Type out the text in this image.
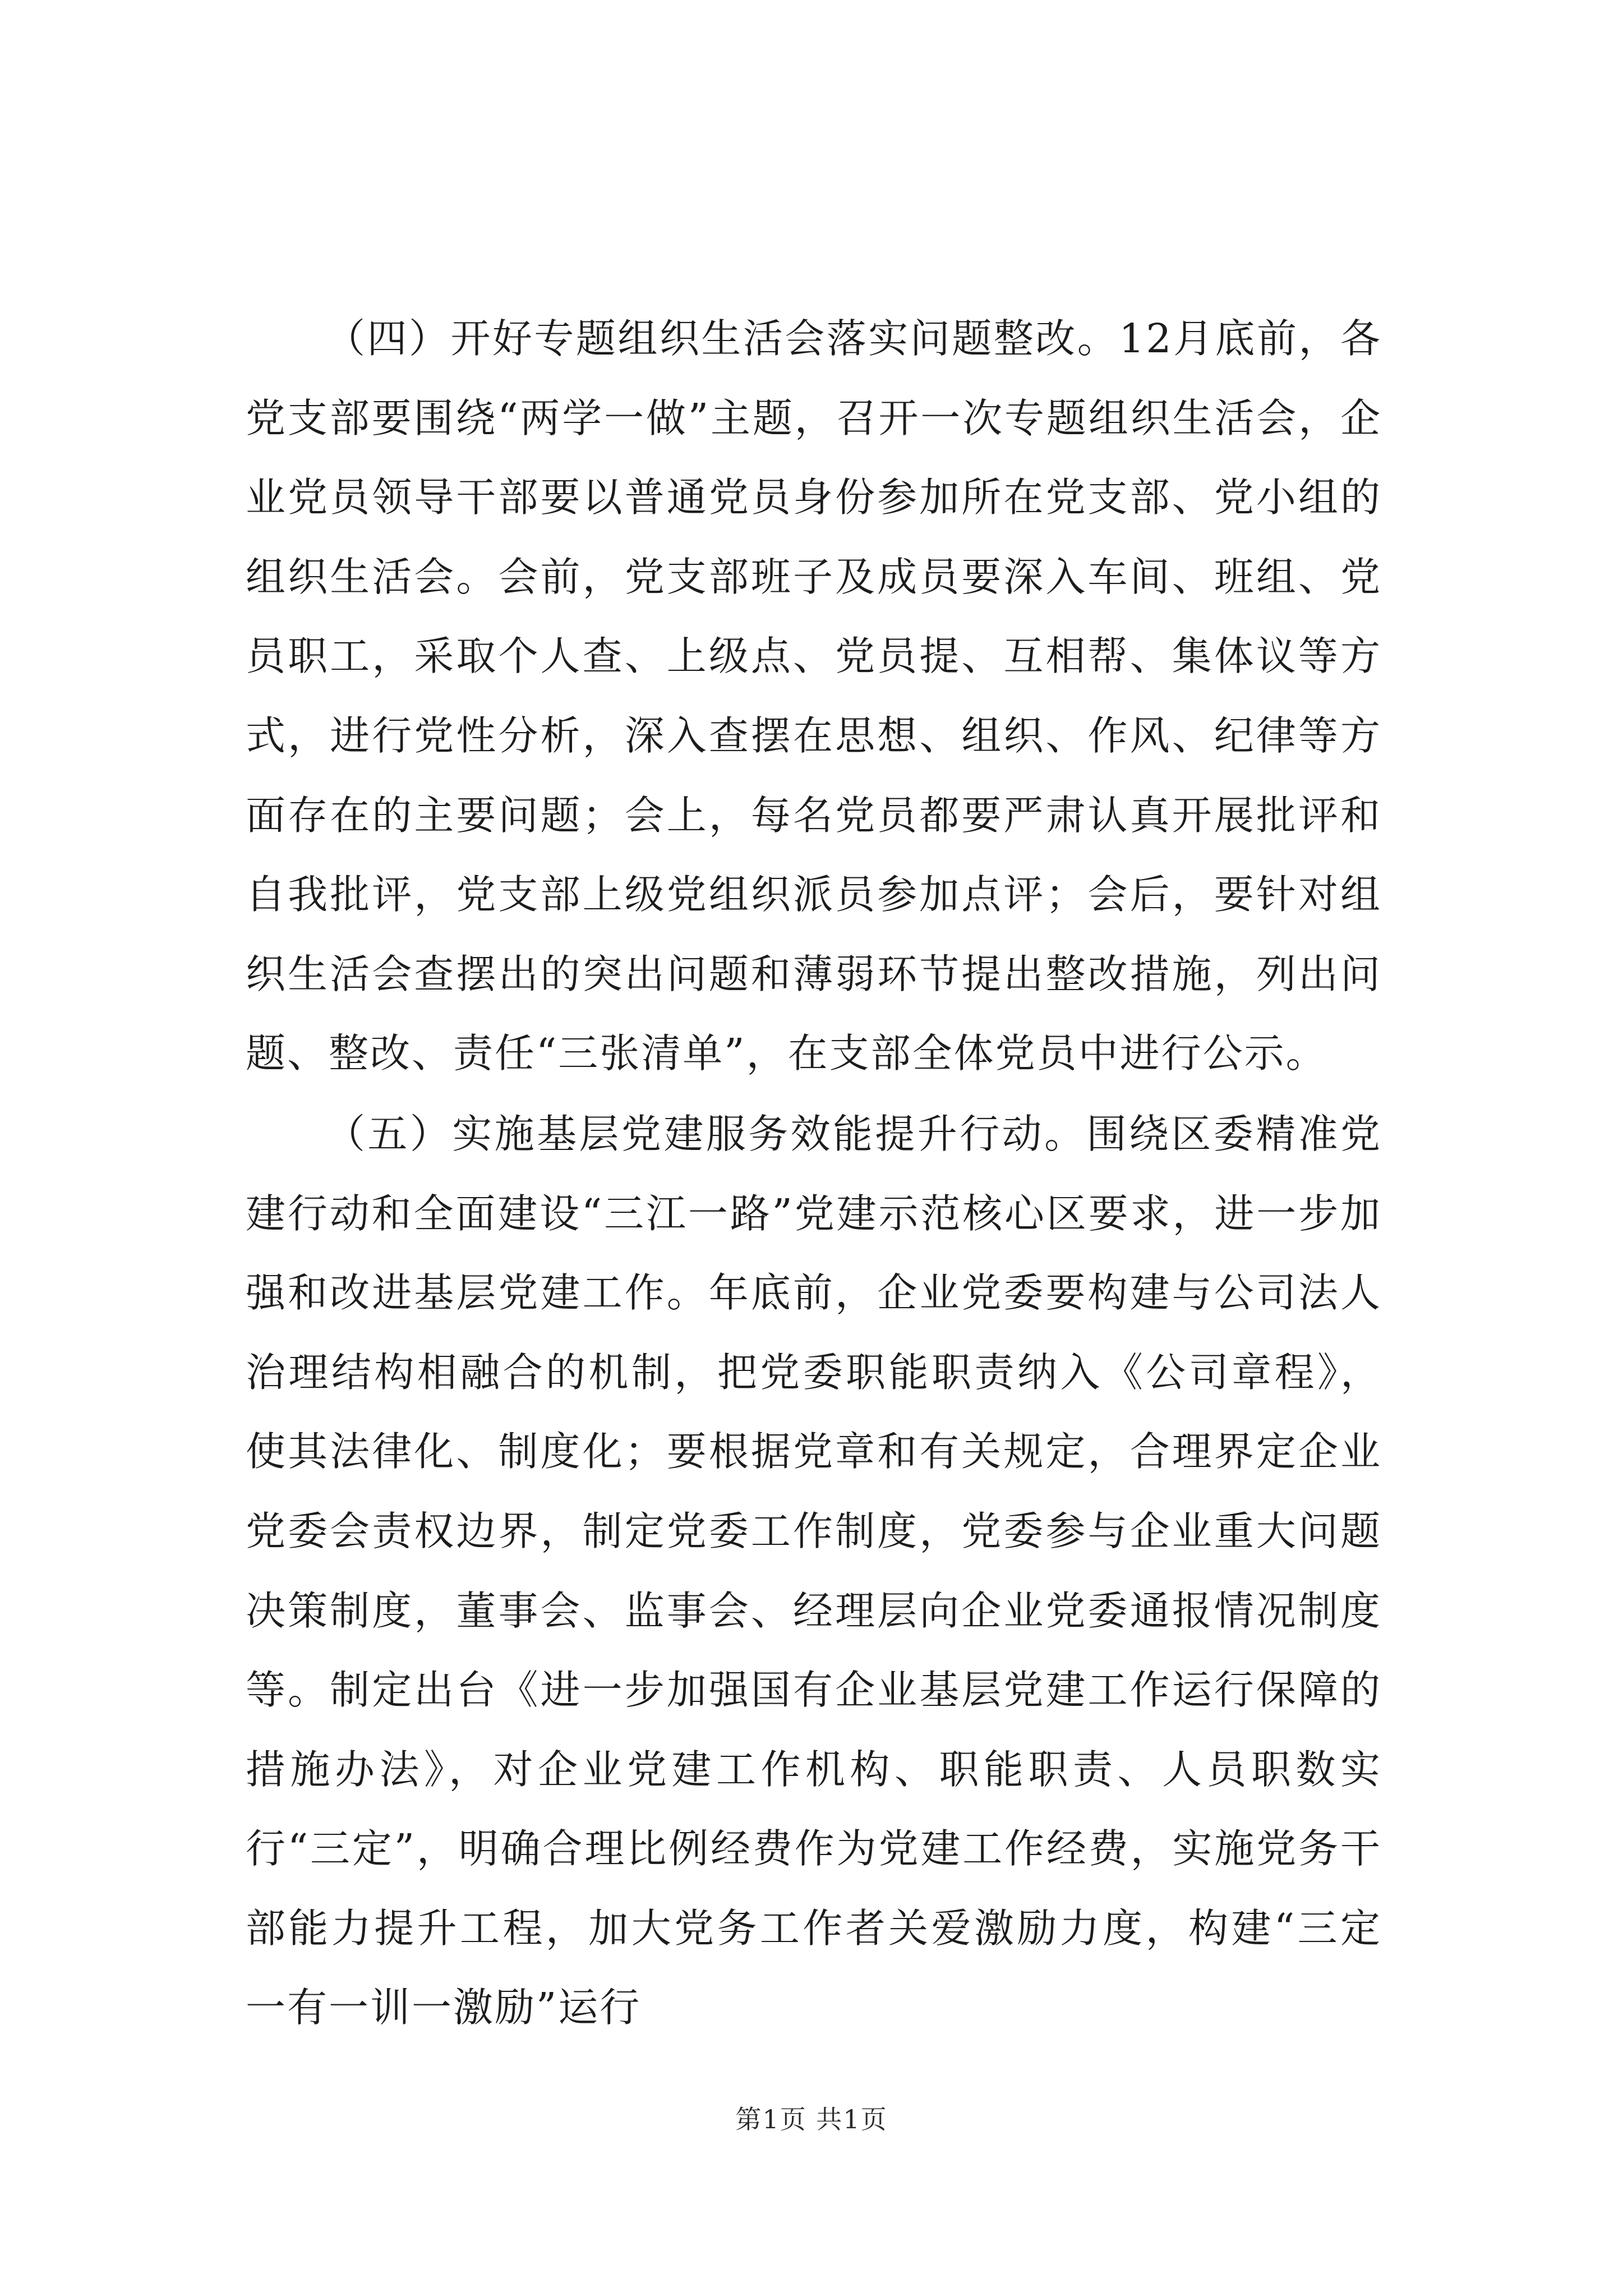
（四）开好专题组织生活会落实问题整改。12月底前，各党支部要围绕“两学一做”主题，召开一次专题组织生活会，企业党员领导干部要以普通党员身份参加所在党支部、党小组的组织生活会。会前，党支部班子及成员要深入车间、班组、党员职工，采取个人查、上级点、党员提、互相帮、集体议等方式，进行党性分析，深入查摆在思想、组织、作风、纪律等方面存在的主要问题；会上，每名党员都要严肃认真开展批评和自我批评，党支部上级党组织派员参加点评；会后，要针对组织生活会查摆出的突出问题和薄弱环节提出整改措施，列出问题、整改、责任“三张清单”，在支部全体党员中进行公示。

（五）实施基层党建服务效能提升行动。围绕区委精准党建行动和全面建设“三江一路”党建示范核心区要求，进一步加强和改进基层党建工作。年底前，企业党委要构建与公司法人治理结构相融合的机制，把党委职能职责纳入《公司章程》，使其法律化、制度化；要根据党章和有关规定，合理界定企业党委会责权边界，制定党委工作制度，党委参与企业重大问题决策制度，董事会、监事会、经理层向企业党委通报情况制度等。制定出台《进一步加强国有企业基层党建工作运行保障的措施办法》，对企业党建工作机构、职能职责、人员职数实行“三定”，明确合理比例经费作为党建工作经费，实施党务干部能力提升工程，加大党务工作者关爱激励力度，构建“三定一有一训一激励”运行

第1页 共1页
